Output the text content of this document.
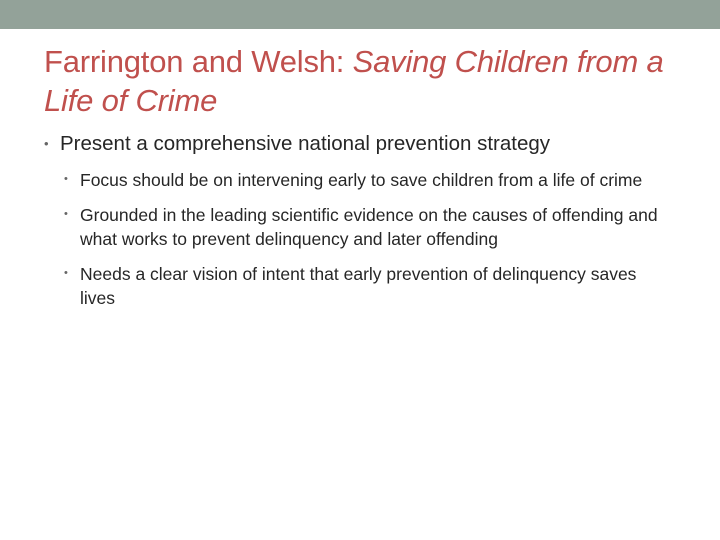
Farrington and Welsh: Saving Children from a Life of Crime
• Present a comprehensive national prevention strategy
• Focus should be on intervening early to save children from a life of crime
• Grounded in the leading scientific evidence on the causes of offending and what works to prevent delinquency and later offending
• Needs a clear vision of intent that early prevention of delinquency saves lives
